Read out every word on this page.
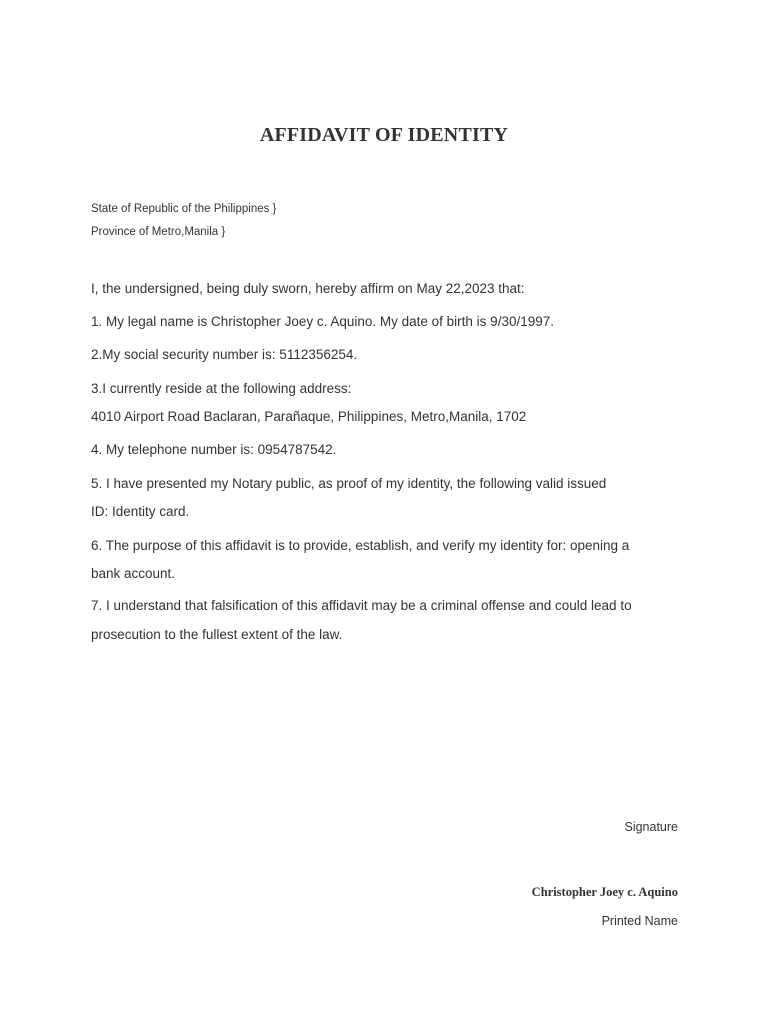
AFFIDAVIT OF IDENTITY

State of Republic of the Philippines }

Province of Metro,Manila }

I, the undersigned, being duly sworn, hereby affirm on May 22,2023 that:

1. My legal name is Christopher Joey c. Aquino. My date of birth is 9/30/1997.

2.My social security number is: 5112356254.

3.I currently reside at the following address:

4010 Airport Road Baclaran, Parañaque, Philippines, Metro,Manila, 1702

4. My telephone number is: 0954787542.

5. I have presented my Notary public, as proof of my identity, the following valid issued

ID: Identity card.

6. The purpose of this affidavit is to provide, establish, and verify my identity for: opening a

bank account.

7. I understand that falsification of this affidavit may be a criminal offense and could lead to

prosecution to the fullest extent of the law.

Signature

Christopher Joey c. Aquino

Printed Name
